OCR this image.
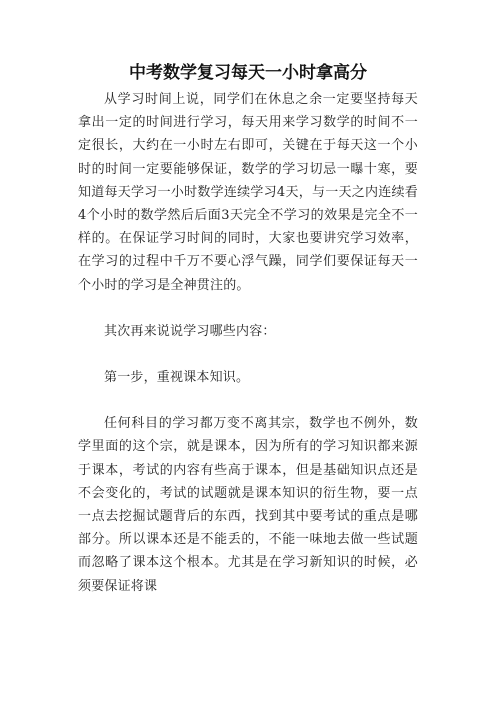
中考数学复习每天一小时拿高分

从学习时间上说，同学们在休息之余一定要坚持每天拿出一定的时间进行学习，每天用来学习数学的时间不一定很长，大约在一小时左右即可，关键在于每天这一个小时的时间一定要能够保证，数学的学习切忌一曝十寒，要知道每天学习一小时数学连续学习4天，与一天之内连续看4个小时的数学然后后面3天完全不学习的效果是完全不一样的。在保证学习时间的同时，大家也要讲究学习效率，在学习的过程中千万不要心浮气躁，同学们要保证每天一个小时的学习是全神贯注的。

其次再来说说学习哪些内容：

第一步，重视课本知识。

任何科目的学习都万变不离其宗，数学也不例外，数学里面的这个宗，就是课本，因为所有的学习知识都来源于课本，考试的内容有些高于课本，但是基础知识点还是不会变化的，考试的试题就是课本知识的衍生物，要一点一点去挖掘试题背后的东西，找到其中要考试的重点是哪部分。所以课本还是不能丢的，不能一味地去做一些试题而忽略了课本这个根本。尤其是在学习新知识的时候，必须要保证将课
